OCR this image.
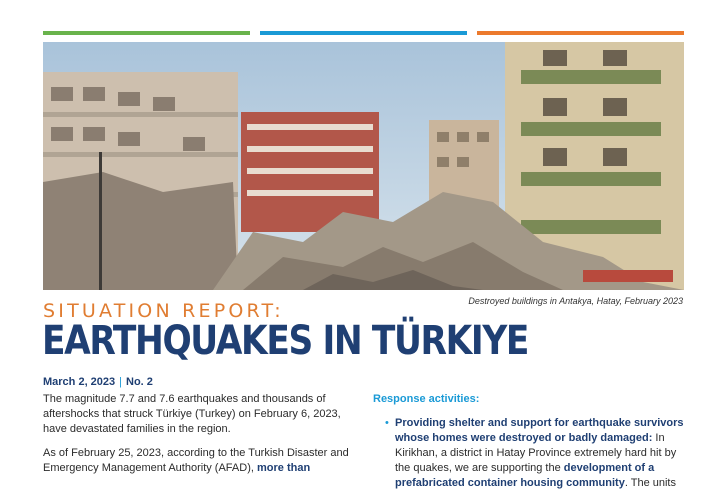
Destroyed buildings in Antakya, Hatay, February 2023
SITUATION REPORT:
EARTHQUAKES IN TÜRKIYE
March 2, 2023 | No. 2

The magnitude 7.7 and 7.6 earthquakes and thousands of aftershocks that struck Türkiye (Turkey) on February 6, 2023, have devastated families in the region.

As of February 25, 2023, according to the Turkish Disaster and Emergency Management Authority (AFAD), more than

Response activities:
• Providing shelter and support for earthquake survivors whose homes were destroyed or badly damaged: In Kirikhan, a district in Hatay Province extremely hard hit by the quakes, we are supporting the development of a prefabricated container housing community. The units
